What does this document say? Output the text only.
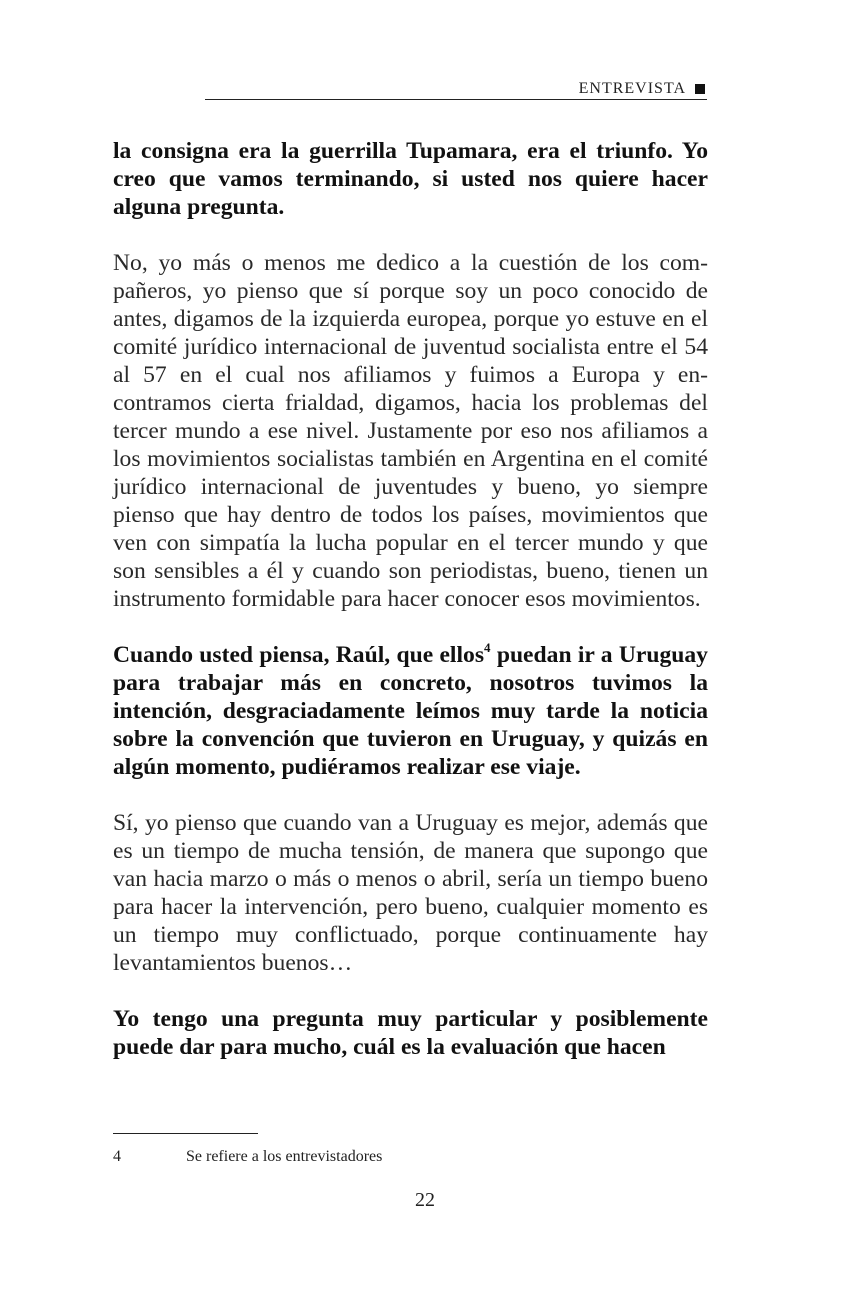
ENTREVISTA

la consigna era la guerrilla Tupamara, era el triunfo. Yo creo que vamos terminando, si usted nos quiere hacer alguna pregunta.

No, yo más o menos me dedico a la cuestión de los compañeros, yo pienso que sí porque soy un poco conocido de antes, digamos de la izquierda europea, porque yo estuve en el comité jurídico internacional de juventud socialista entre el 54 al 57 en el cual nos afiliamos y fuimos a Europa y encontramos cierta frialdad, digamos, hacia los problemas del tercer mundo a ese nivel. Justamente por eso nos afiliamos a los movimientos socialistas también en Argentina en el comité jurídico internacional de juventudes y bueno, yo siempre pienso que hay dentro de todos los países, movimientos que ven con simpatía la lucha popular en el tercer mundo y que son sensibles a él y cuando son periodistas, bueno, tienen un instrumento formidable para hacer conocer esos movimientos.

Cuando usted piensa, Raúl, que ellos$^4$ puedan ir a Uruguay para trabajar más en concreto, nosotros tuvimos la intención, desgraciadamente leímos muy tarde la noticia sobre la convención que tuvieron en Uruguay, y quizás en algún momento, pudiéramos realizar ese viaje.

Sí, yo pienso que cuando van a Uruguay es mejor, además que es un tiempo de mucha tensión, de manera que supongo que van hacia marzo o más o menos o abril, sería un tiempo bueno para hacer la intervención, pero bueno, cualquier momento es un tiempo muy conflictuado, porque continuamente hay levantamientos buenos…

Yo tengo una pregunta muy particular y posiblemente puede dar para mucho, cuál es la evaluación que hacen

4	Se refiere a los entrevistadores
22
